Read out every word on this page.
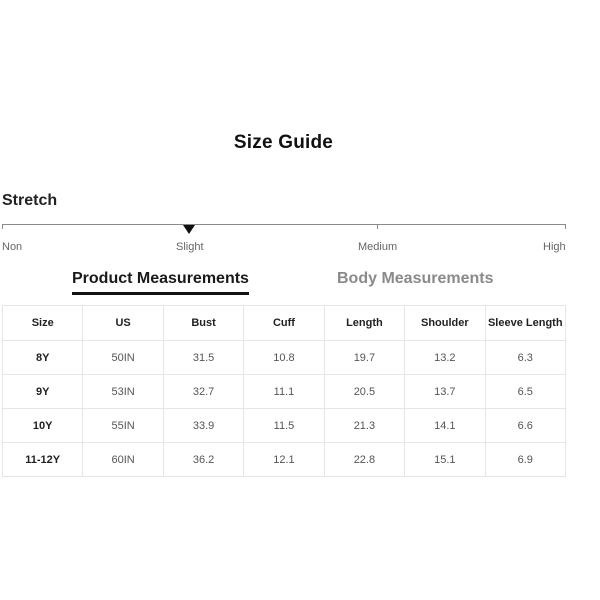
Size Guide
Stretch
Non	Slight	Medium	High
Product Measurements	Body Measurements
Size	US	Bust	Cuff	Length	Shoulder	Sleeve Length
8Y	50IN	31.5	10.8	19.7	13.2	6.3
9Y	53IN	32.7	11.1	20.5	13.7	6.5
10Y	55IN	33.9	11.5	21.3	14.1	6.6
11-12Y	60IN	36.2	12.1	22.8	15.1	6.9
